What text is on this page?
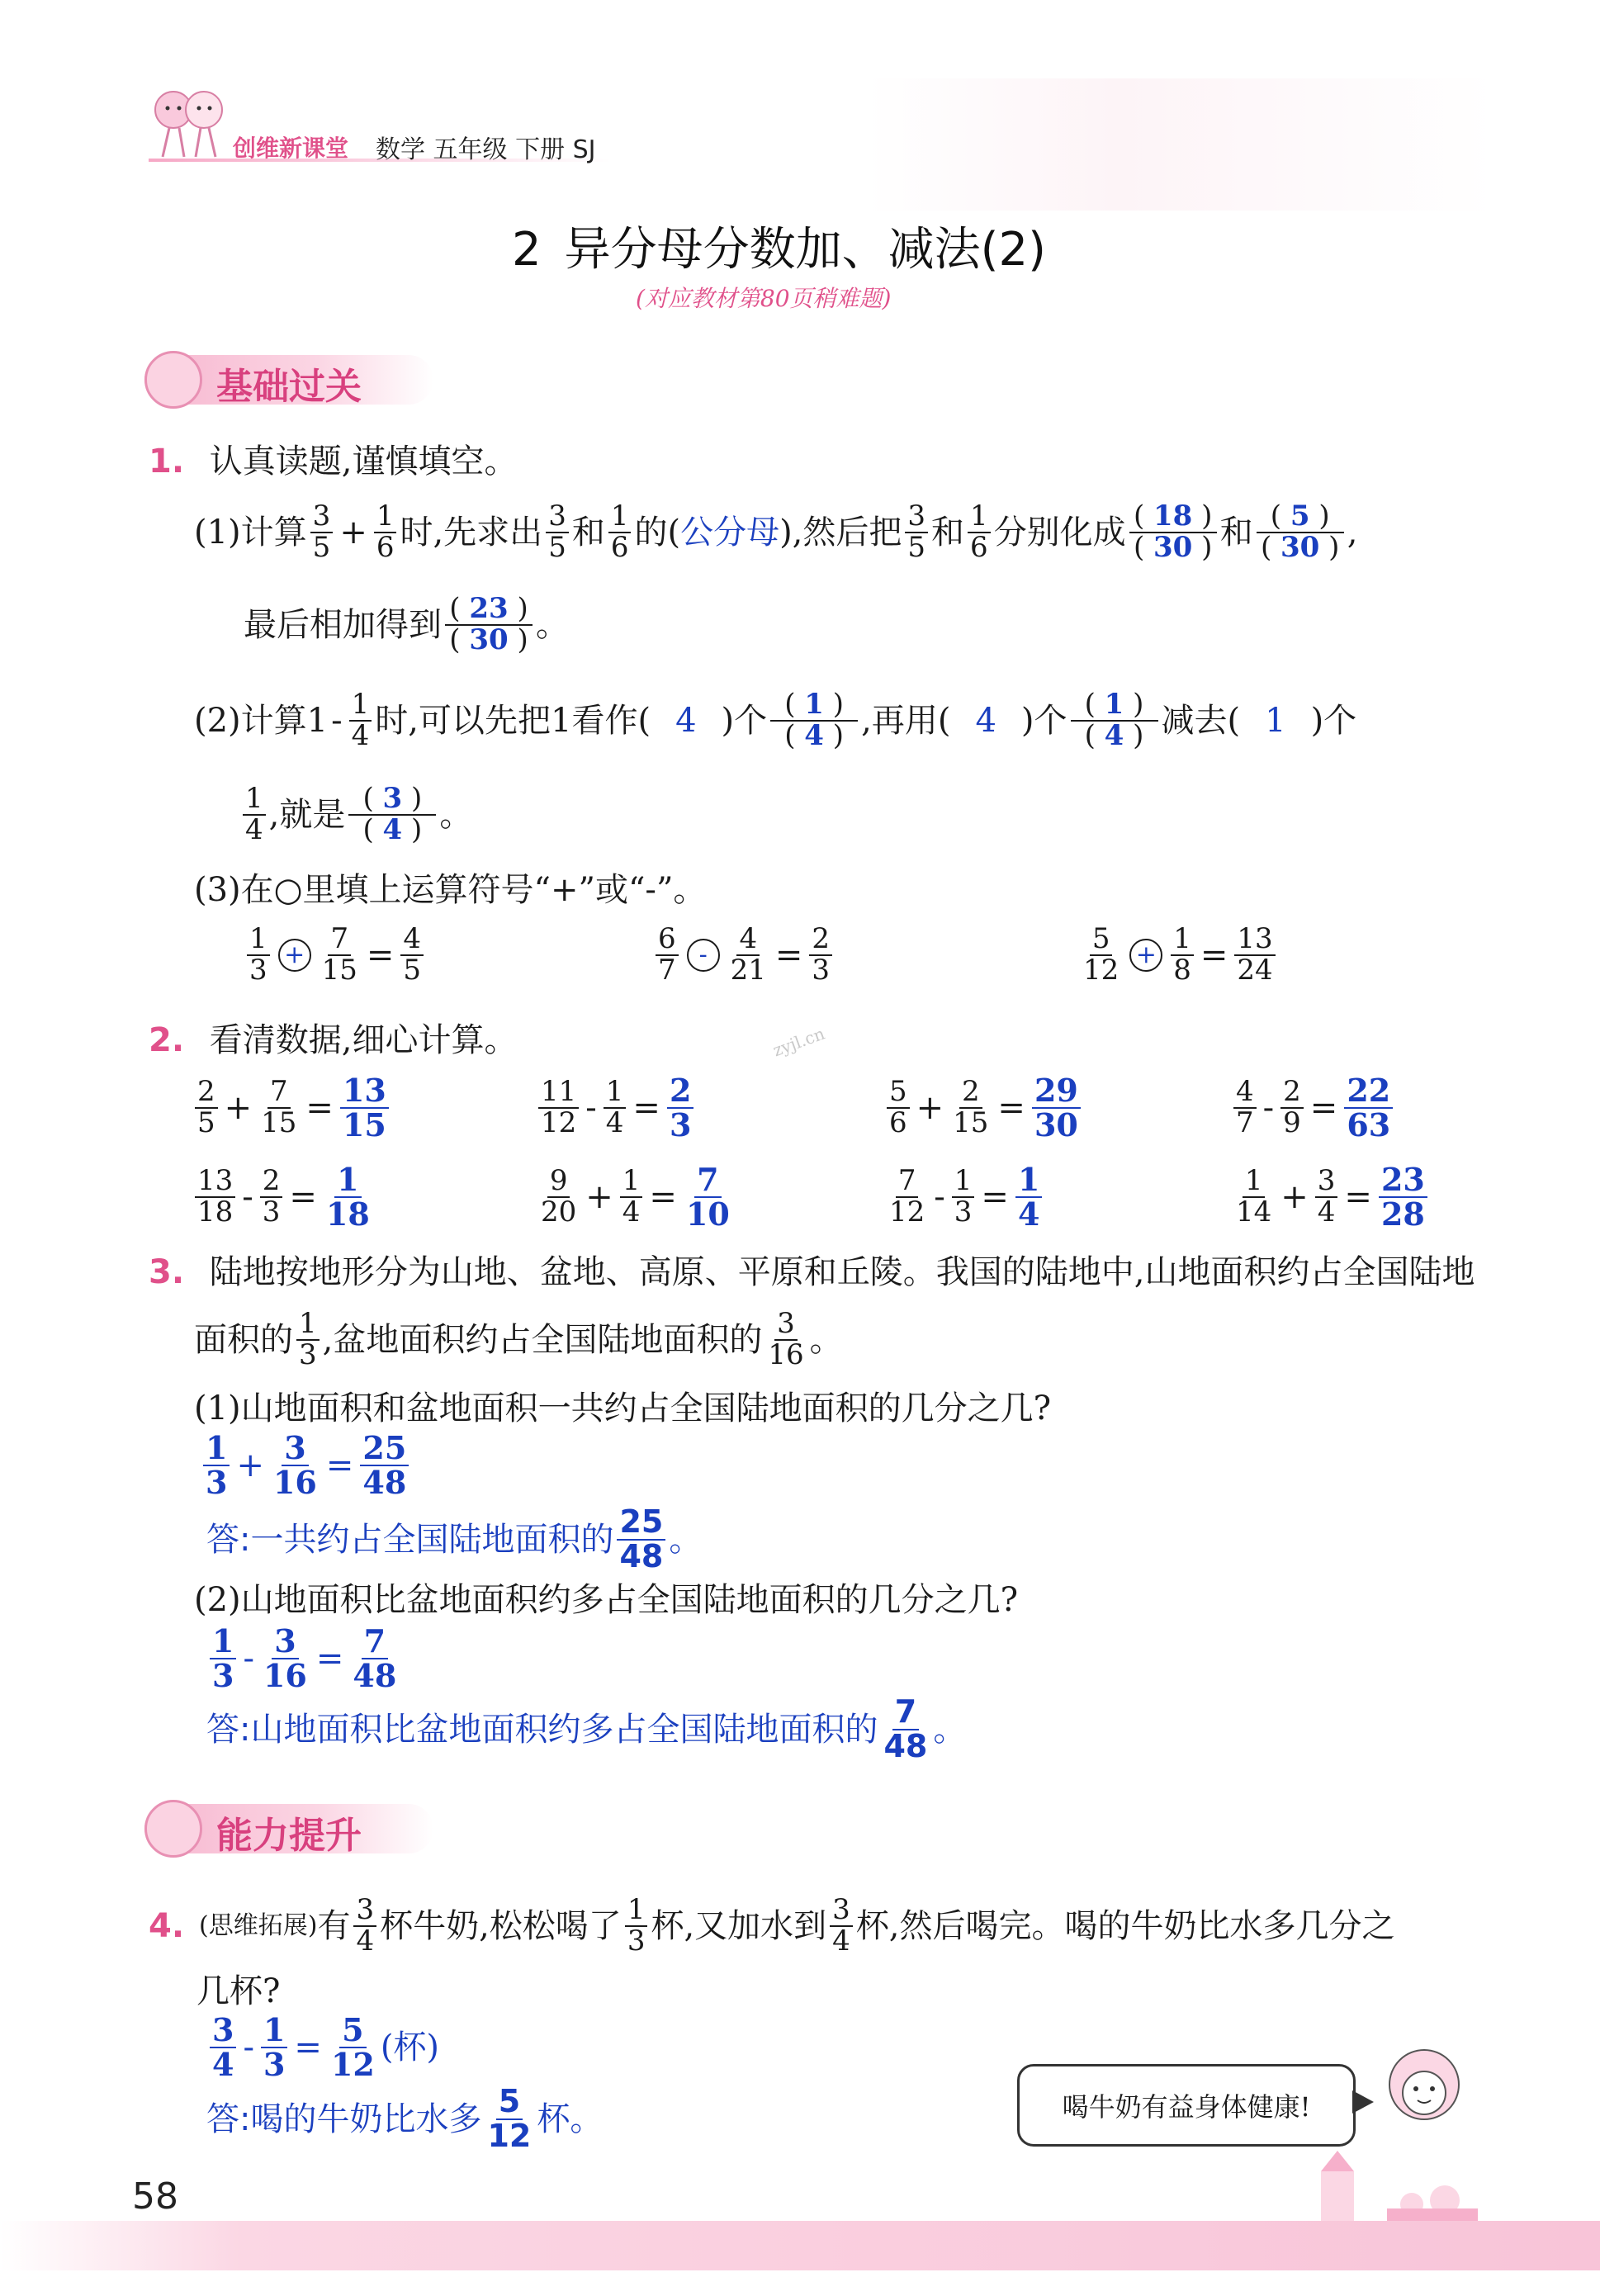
创维新课堂 数学 五年级 下册 SJ
2 异分母分数加、减法(2)
(对应教材第80页稍难题)
基础过关
1. 认真读题,谨慎填空。
(1)计算 $\frac{3}{5} + \frac{1}{6}$ 时,先求出 $\frac{3}{5}$ 和 $\frac{1}{6}$ 的( 公分母 ),然后把 $\frac{3}{5}$ 和 $\frac{1}{6}$ 分别化成 $\frac{( 18 )}{( 30 )}$ 和 $\frac{( 5 )}{( 30 )}$ ,
最后相加得到 $\frac{( 23 )}{( 30 )}$ 。
(2)计算 $1 - \frac{1}{4}$ 时,可以先把 1 看作( 4 )个 $\frac{( 1 )}{( 4 )}$ ,再用( 4 )个 $\frac{( 1 )}{( 4 )}$ 减去( 1 )个
$\frac{1}{4}$ ,就是 $\frac{( 3 )}{( 4 )}$ 。
(3)在○里填上运算符号“+”或“-”。
$\frac{1}{3} + \frac{7}{15} = \frac{4}{5}$	$\frac{6}{7} - \frac{4}{21} = \frac{2}{3}$	$\frac{5}{12} + \frac{1}{8} = \frac{13}{24}$
2. 看清数据,细心计算。	zyjl.cn
$\frac{2}{5} + \frac{7}{15} = \frac{13}{15}$	$\frac{11}{12} - \frac{1}{4} = \frac{2}{3}$	$\frac{5}{6} + \frac{2}{15} = \frac{29}{30}$	$\frac{4}{7} - \frac{2}{9} = \frac{22}{63}$
$\frac{13}{18} - \frac{2}{3} = \frac{1}{18}$	$\frac{9}{20} + \frac{1}{4} = \frac{7}{10}$	$\frac{7}{12} - \frac{1}{3} = \frac{1}{4}$	$\frac{1}{14} + \frac{3}{4} = \frac{23}{28}$
3. 陆地按地形分为山地、盆地、高原、平原和丘陵。我国的陆地中,山地面积约占全国陆地
面积的 $\frac{1}{3}$ ,盆地面积约占全国陆地面积的 $\frac{3}{16}$ 。
(1)山地面积和盆地面积一共约占全国陆地面积的几分之几?
$\frac{1}{3} + \frac{3}{16} = \frac{25}{48}$
答:一共约占全国陆地面积的 $\frac{25}{48}$ 。
(2)山地面积比盆地面积约多占全国陆地面积的几分之几?
$\frac{1}{3} - \frac{3}{16} = \frac{7}{48}$
答:山地面积比盆地面积约多占全国陆地面积的 $\frac{7}{48}$ 。
能力提升
4. (思维拓展) 有 $\frac{3}{4}$ 杯牛奶,松松喝了 $\frac{1}{3}$ 杯,又加水到 $\frac{3}{4}$ 杯,然后喝完。喝的牛奶比水多几分之
几杯?
$\frac{3}{4} - \frac{1}{3} = \frac{5}{12}$ (杯)
答:喝的牛奶比水多 $\frac{5}{12}$ 杯。	喝牛奶有益身体健康!
58
